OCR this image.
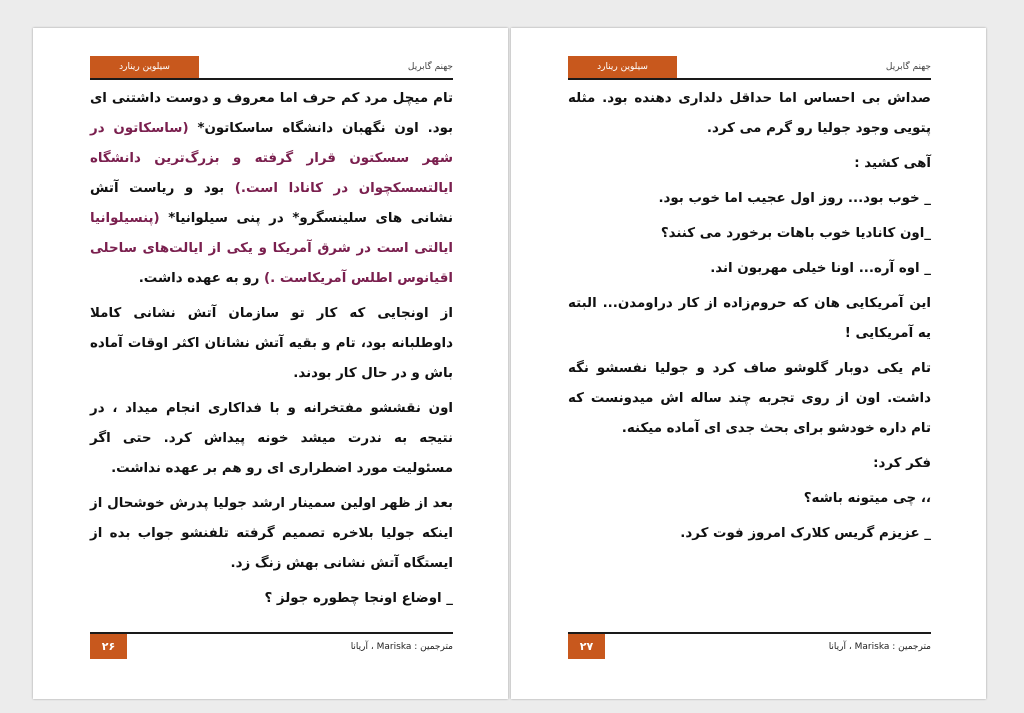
سیلوین رینارد	جهنم گابریل

تام میچل مرد کم حرف اما معروف و دوست داشتنی ای بود. اون نگهبان دانشگاه ساسکاتون* (ساسکاتون در شهر سسکتون قرار گرفته و بزرگ‌ترین دانشگاه ایالتسسکچوان در کانادا است.) بود و ریاست آتش نشانی های سلینسگرو* در پنی سیلوانیا* (پنسیلوانیا ایالتی است در شرق آمریکا و یکی از ایالت‌های ساحلی اقیانوس اطلس آمریکاست .) رو به عهده داشت.

از اونجایی که کار تو سازمان آتش نشانی کاملا داوطلبانه بود، تام و بقیه آتش نشانان اکثر اوقات آماده باش و در حال کار بودند.

اون نقششو مفتخرانه و با فداکاری انجام میداد ، در نتیجه به ندرت میشد خونه پیداش کرد. حتی اگر مسئولیت مورد اضطراری ای رو هم بر عهده نداشت.

بعد از ظهر اولین سمینار ارشد جولیا پدرش خوشحال از اینکه جولیا بلاخره تصمیم گرفته تلفنشو جواب بده از ایستگاه آتش نشانی بهش زنگ زد.

_ اوضاع اونجا چطوره جولز ؟

۲۶	مترجمین : Mariska ، آریانا
سیلوین رینارد	جهنم گابریل

صداش بی احساس اما حداقل دلداری دهنده بود. مثله پتویی وجود جولیا رو گرم می کرد.

آهی کشید :

_ خوب بود... روز اول عجیب اما خوب بود.

_اون کانادیا خوب باهات برخورد می کنند؟

_ اوه آره... اونا خیلی مهربون اند.

این آمریکایی هان که حروم‌زاده از کار دراومدن... البته یه آمریکایی !

تام یکی دوبار گلوشو صاف کرد و جولیا نفسشو نگه داشت. اون از روی تجربه چند ساله اش میدونست که تام داره خودشو برای بحث جدی ای آماده میکنه.

فکر کرد:

،، چی میتونه باشه؟

_ عزیزم گریس کلارک امروز فوت کرد.

۲۷	مترجمین : Mariska ، آریانا
